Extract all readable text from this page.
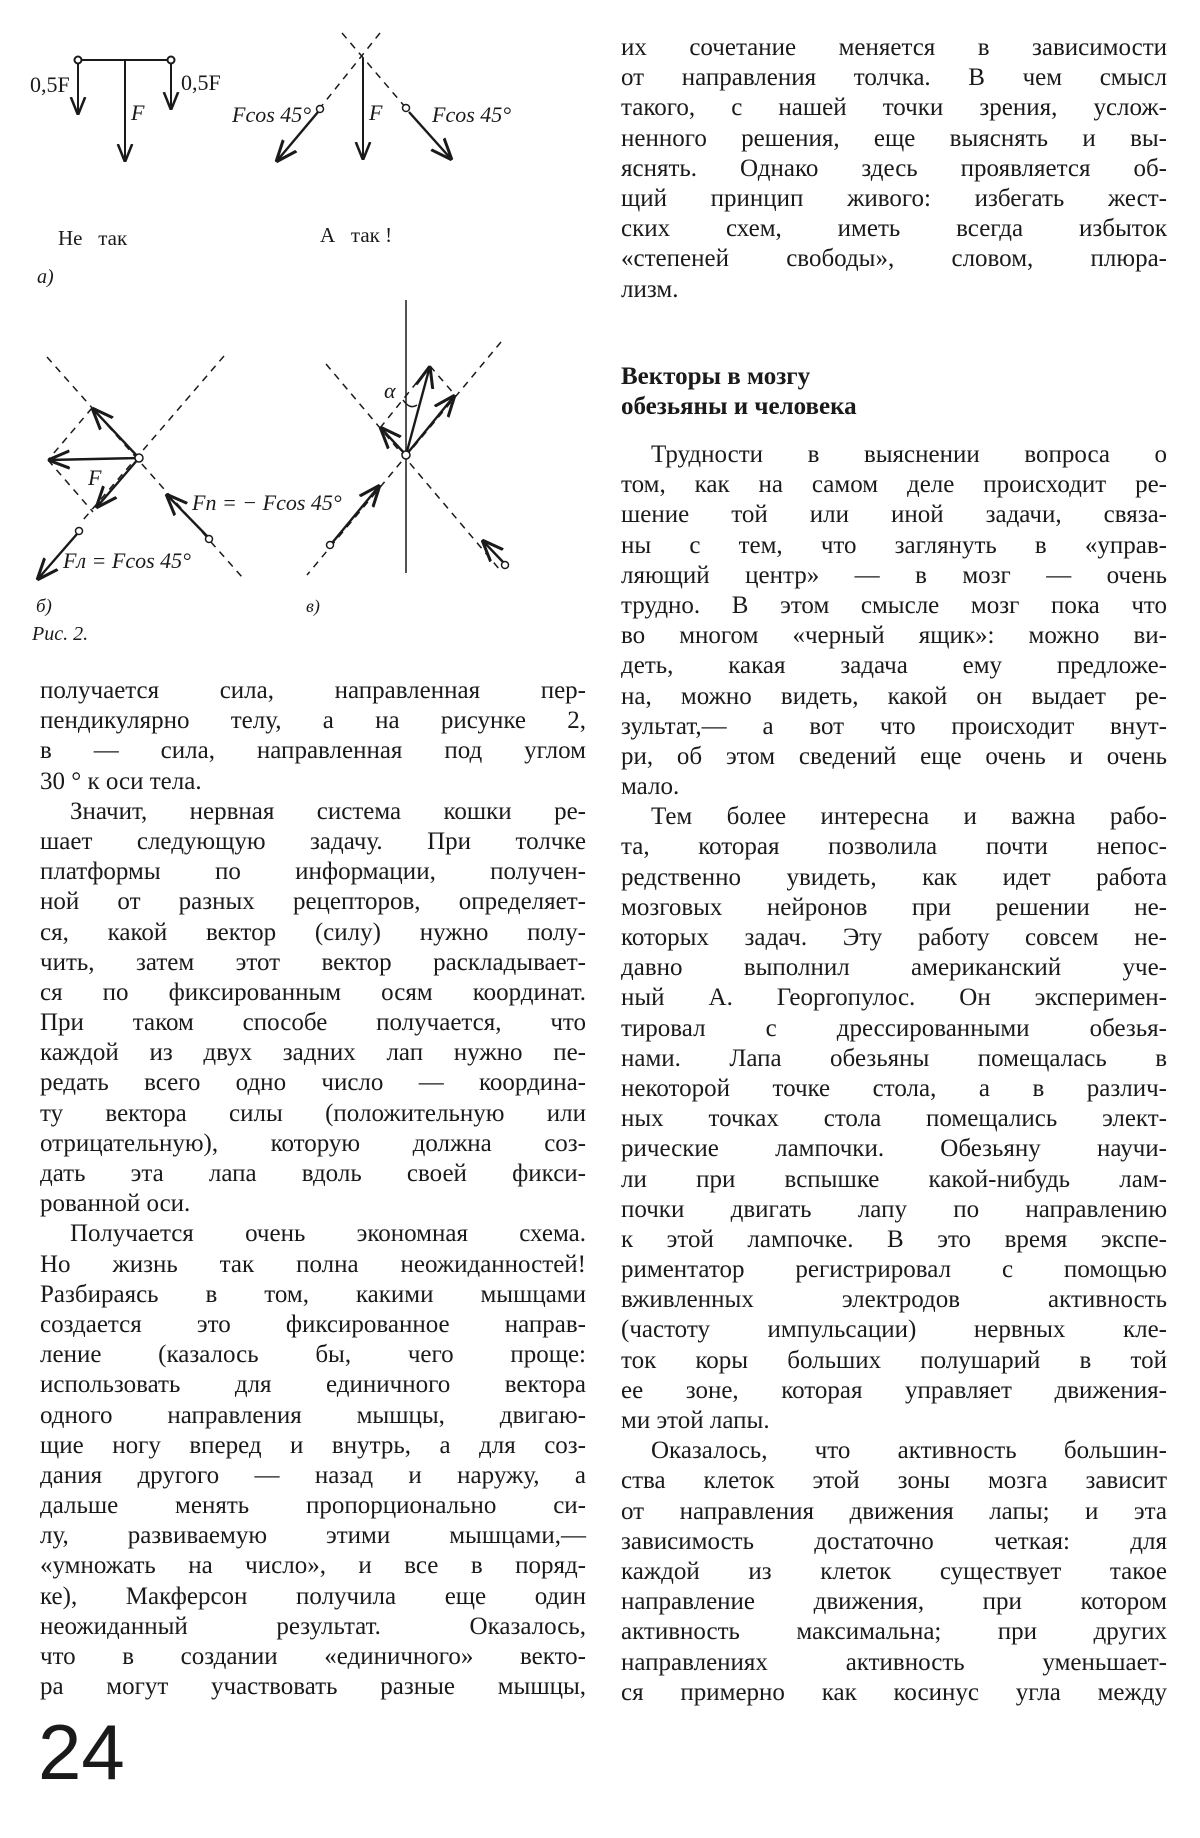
0,5F
F
0,5F
Fcos 45°	F Fcos 45°
Не   так	А   так !
а)
F
Fп = − Fcos 45°
Fл = Fcos 45°
б)
Рис. 2.
α
в)
получается сила, направленная пер-
пендикулярно телу, а на рисунке 2,
в — сила, направленная под углом
30 ° к оси тела.
Значит, нервная система кошки ре-
шает следующую задачу. При толчке
платформы по информации, получен-
ной от разных рецепторов, определяет-
ся, какой вектор (силу) нужно полу-
чить, затем этот вектор раскладывает-
ся по фиксированным осям координат.
При таком способе получается, что
каждой из двух задних лап нужно пе-
редать всего одно число — координа-
ту вектора силы (положительную или
отрицательную), которую должна соз-
дать эта лапа вдоль своей фикси-
рованной оси.
Получается очень экономная схема.
Но жизнь так полна неожиданностей!
Разбираясь в том, какими мышцами
создается это фиксированное направ-
ление (казалось бы, чего проще:
использовать для единичного вектора
одного направления мышцы, двигаю-
щие ногу вперед и внутрь, а для соз-
дания другого — назад и наружу, а
дальше менять пропорционально си-
лу, развиваемую этими мышцами,—
«умножать на число», и все в поряд-
ке), Макферсон получила еще один
неожиданный результат. Оказалось,
что в создании «единичного» векто-
ра могут участвовать разные мышцы,
их сочетание меняется в зависимости
от направления толчка. В чем смысл
такого, с нашей точки зрения, услож-
ненного решения, еще выяснять и вы-
яснять. Однако здесь проявляется об-
щий принцип живого: избегать жест-
ских схем, иметь всегда избыток
«степеней свободы», словом, плюра-
лизм.
Векторы в мозгу
обезьяны и человека
Трудности в выяснении вопроса о
том, как на самом деле происходит ре-
шение той или иной задачи, связа-
ны с тем, что заглянуть в «управ-
ляющий центр» — в мозг — очень
трудно. В этом смысле мозг пока что
во многом «черный ящик»: можно ви-
деть, какая задача ему предложе-
на, можно видеть, какой он выдает ре-
зультат,— а вот что происходит внут-
ри, об этом сведений еще очень и очень
мало.
Тем более интересна и важна рабо-
та, которая позволила почти непос-
редственно увидеть, как идет работа
мозговых нейронов при решении не-
которых задач. Эту работу совсем не-
давно выполнил американский уче-
ный А. Георгопулос. Он эксперимен-
тировал с дрессированными обезья-
нами. Лапа обезьяны помещалась в
некоторой точке стола, а в различ-
ных точках стола помещались элект-
рические лампочки. Обезьяну научи-
ли при вспышке какой-нибудь лам-
почки двигать лапу по направлению
к этой лампочке. В это время экспе-
риментатор регистрировал с помощью
вживленных электродов активность
(частоту импульсации) нервных кле-
ток коры больших полушарий в той
ее зоне, которая управляет движения-
ми этой лапы.
Оказалось, что активность большин-
ства клеток этой зоны мозга зависит
от направления движения лапы; и эта
зависимость достаточно четкая: для
каждой из клеток существует такое
направление движения, при котором
активность максимальна; при других
направлениях активность уменьшает-
ся примерно как косинус угла между
24
